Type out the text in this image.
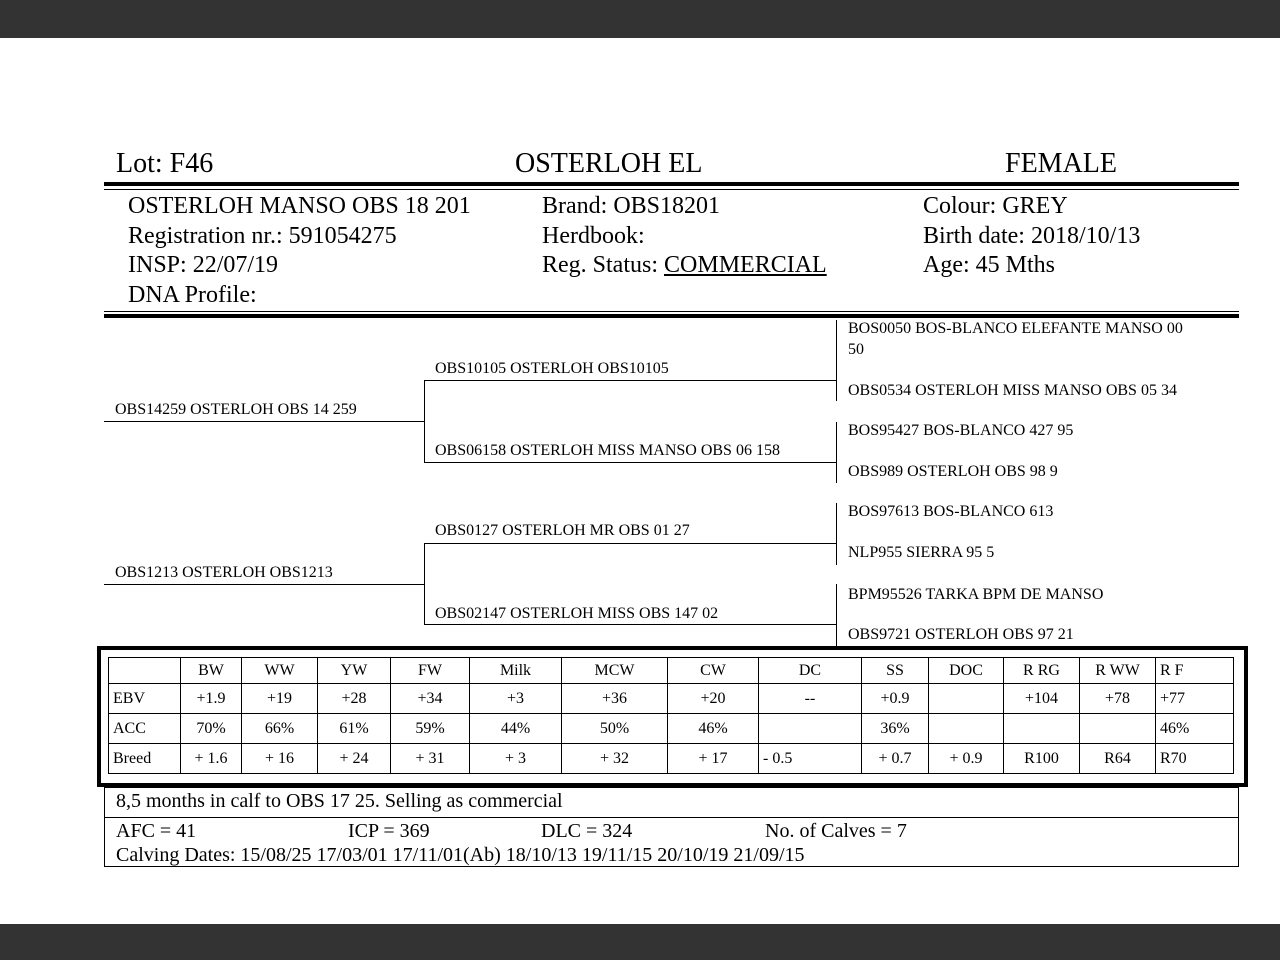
Lot: F46	OSTERLOH EL	FEMALE
OSTERLOH MANSO OBS 18 201
Registration nr.: 591054275
INSP: 22/07/19
DNA Profile:
Brand: OBS18201
Herdbook:
Reg. Status: COMMERCIAL
Colour: GREY
Birth date: 2018/10/13
Age: 45 Mths
OBS14259 OSTERLOH OBS 14 259
OBS1213 OSTERLOH OBS1213
OBS10105 OSTERLOH OBS10105
OBS06158 OSTERLOH MISS MANSO OBS 06 158
OBS0127 OSTERLOH MR OBS 01 27
OBS02147 OSTERLOH MISS OBS 147 02
BOS0050 BOS-BLANCO ELEFANTE MANSO 00
50
OBS0534 OSTERLOH MISS MANSO OBS 05 34
BOS95427 BOS-BLANCO 427 95
OBS989 OSTERLOH OBS 98 9
BOS97613 BOS-BLANCO 613
NLP955 SIERRA 95 5
BPM95526 TARKA BPM DE MANSO
OBS9721 OSTERLOH OBS 97 21
	BW	WW	YW	FW	Milk	MCW	CW	DC	SS	DOC	R RG	R WW	R F
EBV	+1.9	+19	+28	+34	+3	+36	+20	--	+0.9		+104	+78	+77
ACC	70%	66%	61%	59%	44%	50%	46%		36%				46%
Breed	+ 1.6	+ 16	+ 24	+ 31	+ 3	+ 32	+ 17	- 0.5	+ 0.7	+ 0.9	R100	R64	R70
8,5 months in calf to OBS 17 25. Selling as commercial
AFC = 41	ICP = 369	DLC = 324	No. of Calves = 7
Calving Dates: 15/08/25 17/03/01 17/11/01(Ab) 18/10/13 19/11/15 20/10/19 21/09/15
